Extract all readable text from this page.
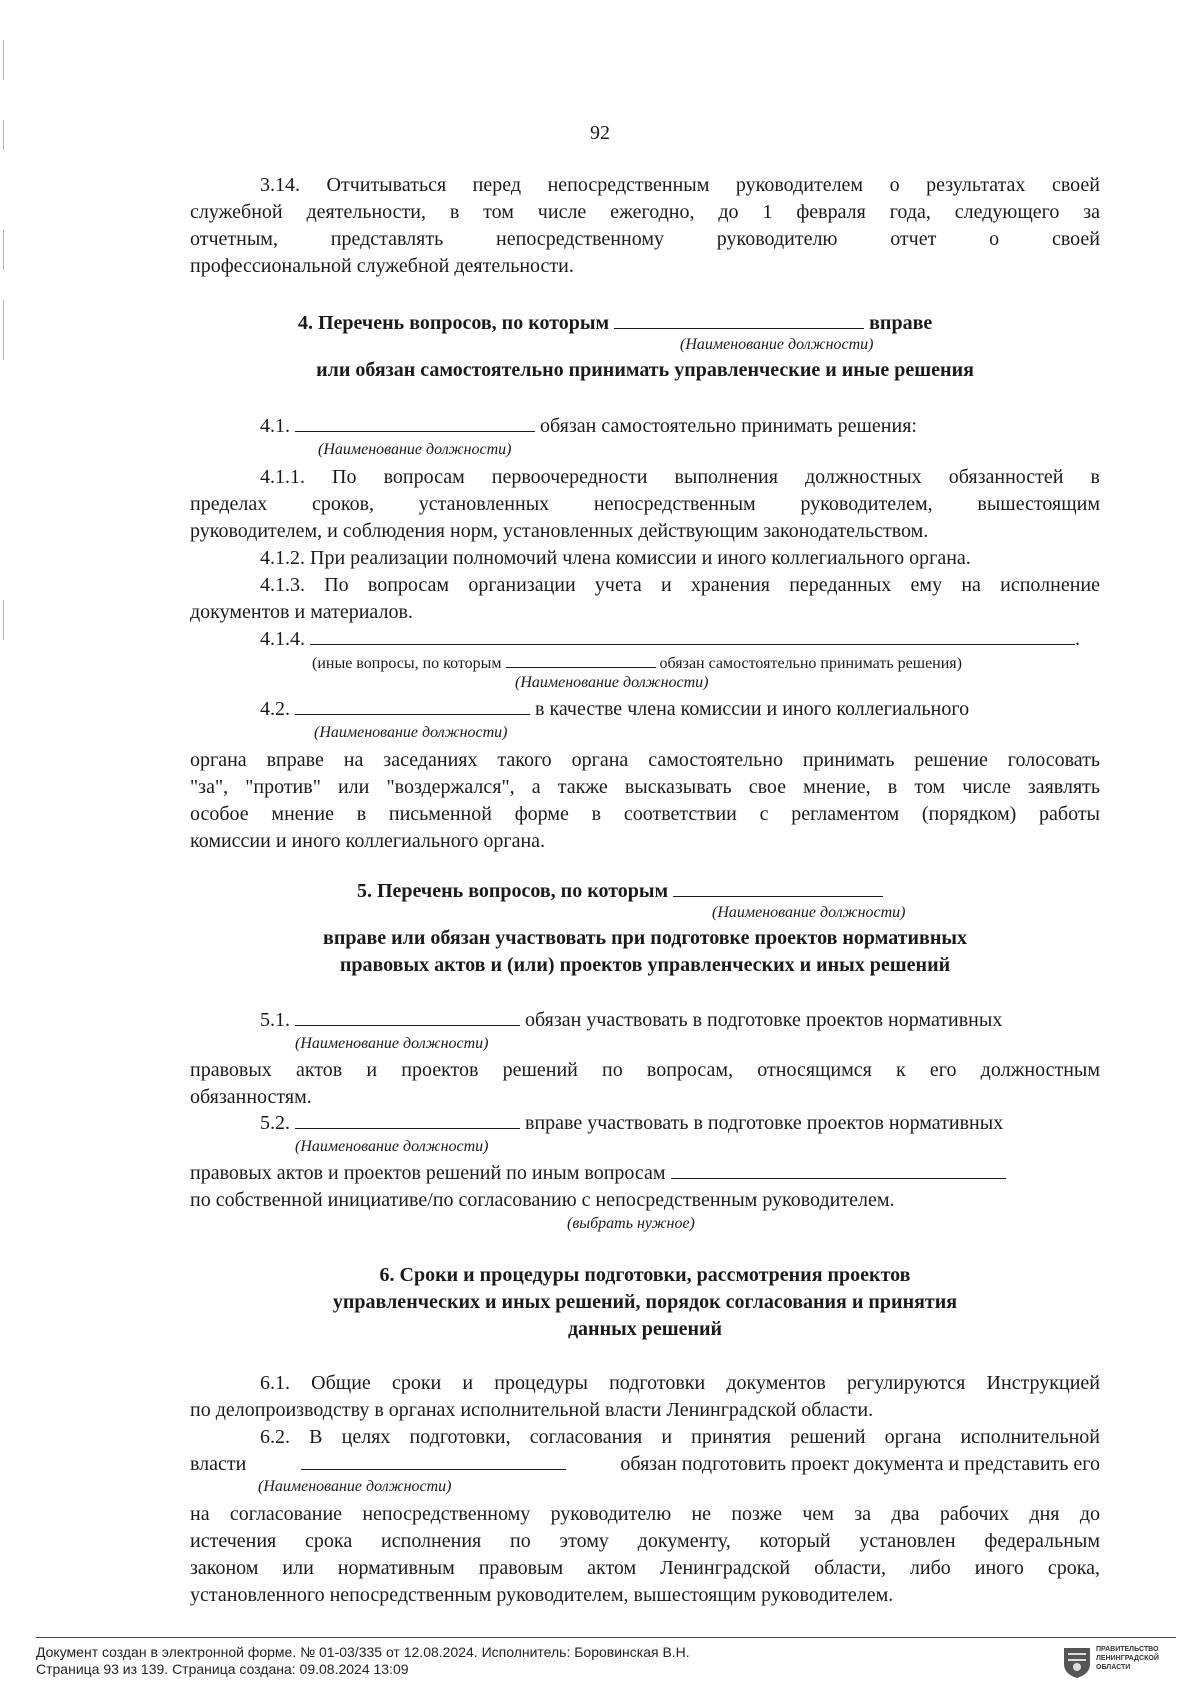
92
3.14. Отчитываться перед непосредственным руководителем о результатах своей
служебной деятельности, в том числе ежегодно, до 1 февраля года, следующего за
отчетным, представлять непосредственному руководителю отчет о своей
профессиональной служебной деятельности.
4. Перечень вопросов, по которым	вправе
(Наименование должности)
или обязан самостоятельно принимать управленческие и иные решения
4.1.	обязан самостоятельно принимать решения:
(Наименование должности)
4.1.1. По вопросам первоочередности выполнения должностных обязанностей в
пределах сроков, установленных непосредственным руководителем, вышестоящим
руководителем, и соблюдения норм, установленных действующим законодательством.
4.1.2. При реализации полномочий члена комиссии и иного коллегиального органа.
4.1.3. По вопросам организации учета и хранения переданных ему на исполнение
документов и материалов.
4.1.4.	.
(иные вопросы, по которым	обязан самостоятельно принимать решения)
(Наименование должности)
4.2.	в качестве члена комиссии и иного коллегиального
(Наименование должности)
органа вправе на заседаниях такого органа самостоятельно принимать решение голосовать
"за", "против" или "воздержался", а также высказывать свое мнение, в том числе заявлять
особое мнение в письменной форме в соответствии с регламентом (порядком) работы
комиссии и иного коллегиального органа.
5. Перечень вопросов, по которым
(Наименование должности)
вправе или обязан участвовать при подготовке проектов нормативных
правовых актов и (или) проектов управленческих и иных решений
5.1.	обязан участвовать в подготовке проектов нормативных
(Наименование должности)
правовых актов и проектов решений по вопросам, относящимся к его должностным
обязанностям.
5.2.	вправе участвовать в подготовке проектов нормативных
(Наименование должности)
правовых актов и проектов решений по иным вопросам
по собственной инициативе/по согласованию с непосредственным руководителем.
(выбрать нужное)
6. Сроки и процедуры подготовки, рассмотрения проектов
управленческих и иных решений, порядок согласования и принятия
данных решений
6.1. Общие сроки и процедуры подготовки документов регулируются Инструкцией
по делопроизводству в органах исполнительной власти Ленинградской области.
6.2. В целях подготовки, согласования и принятия решений органа исполнительной
власти	обязан подготовить проект документа и представить его
(Наименование должности)
на согласование непосредственному руководителю не позже чем за два рабочих дня до
истечения срока исполнения по этому документу, который установлен федеральным
законом или нормативным правовым актом Ленинградской области, либо иного срока,
установленного непосредственным руководителем, вышестоящим руководителем.
Документ создан в электронной форме. № 01-03/335 от 12.08.2024. Исполнитель: Боровинская В.Н.
Страница 93 из 139. Страница создана: 09.08.2024 13:09
ПРАВИТЕЛЬСТВО
ЛЕНИНГРАДСКОЙ
ОБЛАСТИ
